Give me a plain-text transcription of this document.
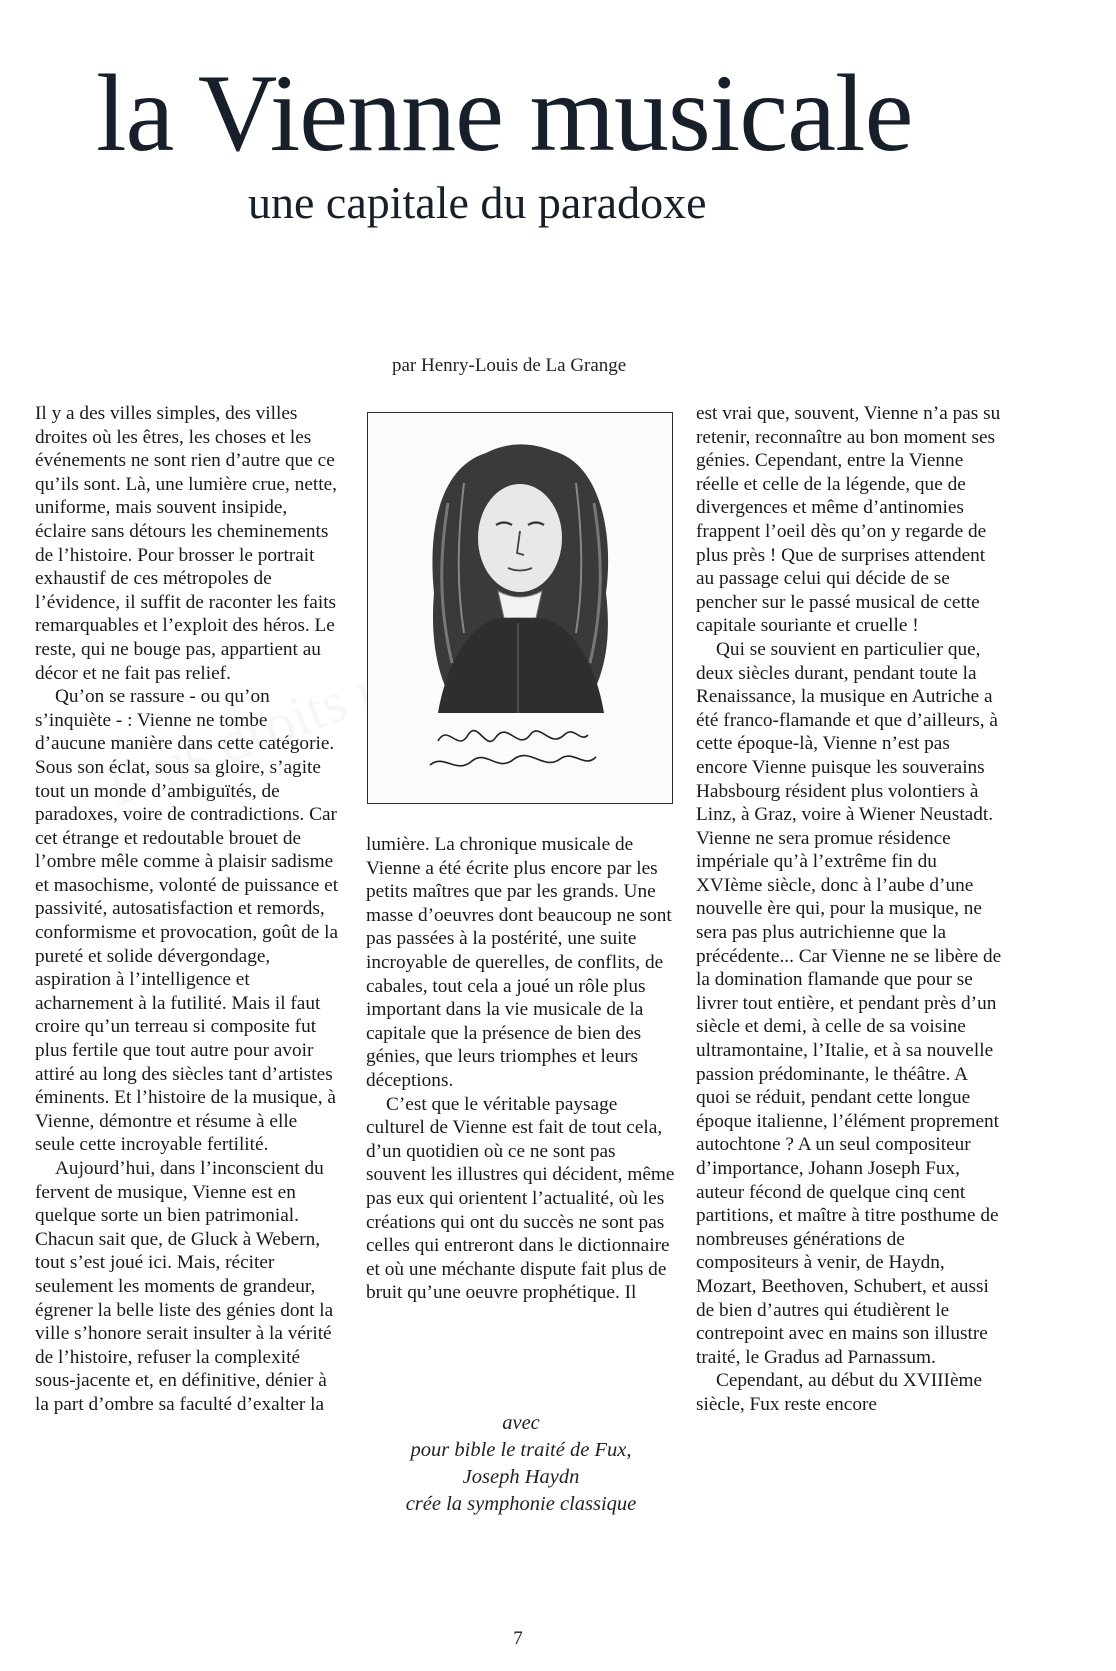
la Vienne musicale
une capitale du paradoxe
par Henry-Louis de La Grange

Il y a des villes simples, des villes droites où les êtres, les choses et les événements ne sont rien d’autre que ce qu’ils sont. Là, une lumière crue, nette, uniforme, mais souvent insipide, éclaire sans détours les cheminements de l’histoire. Pour brosser le portrait exhaustif de ces métropoles de l’évidence, il suffit de raconter les faits remarquables et l’exploit des héros. Le reste, qui ne bouge pas, appartient au décor et ne fait pas relief.

Qu’on se rassure - ou qu’on s’inquiète - : Vienne ne tombe d’aucune manière dans cette catégorie. Sous son éclat, sous sa gloire, s’agite tout un monde d’ambiguïtés, de paradoxes, voire de contradictions. Car cet étrange et redoutable brouet de l’ombre mêle comme à plaisir sadisme et masochisme, volonté de puissance et passivité, autosatisfaction et remords, conformisme et provocation, goût de la pureté et solide dévergondage, aspiration à l’intelligence et acharnement à la futilité. Mais il faut croire qu’un terreau si composite fut plus fertile que tout autre pour avoir attiré au long des siècles tant d’artistes éminents. Et l’histoire de la musique, à Vienne, démontre et résume à elle seule cette incroyable fertilité.

Aujourd’hui, dans l’inconscient du fervent de musique, Vienne est en quelque sorte un bien patrimonial. Chacun sait que, de Gluck à Webern, tout s’est joué ici. Mais, réciter seulement les moments de grandeur, égrener la belle liste des génies dont la ville s’honore serait insulter à la vérité de l’histoire, refuser la complexité sous-jacente et, en définitive, dénier à la part d’ombre sa faculté d’exalter la

lumière. La chronique musicale de Vienne a été écrite plus encore par les petits maîtres que par les grands. Une masse d’oeuvres dont beaucoup ne sont pas passées à la postérité, une suite incroyable de querelles, de conflits, de cabales, tout cela a joué un rôle plus important dans la vie musicale de la capitale que la présence de bien des génies, que leurs triomphes et leurs déceptions.

C’est que le véritable paysage culturel de Vienne est fait de tout cela, d’un quotidien où ce ne sont pas souvent les illustres qui décident, même pas eux qui orientent l’actualité, où les créations qui ont du succès ne sont pas celles qui entreront dans le dictionnaire et où une méchante dispute fait plus de bruit qu’une oeuvre prophétique. Il

avec
pour bible le traité de Fux,
Joseph Haydn
crée la symphonie classique

est vrai que, souvent, Vienne n’a pas su retenir, reconnaître au bon moment ses génies. Cependant, entre la Vienne réelle et celle de la légende, que de divergences et même d’antinomies frappent l’oeil dès qu’on y regarde de plus près ! Que de surprises attendent au passage celui qui décide de se pencher sur le passé musical de cette capitale souriante et cruelle !

Qui se souvient en particulier que, deux siècles durant, pendant toute la Renaissance, la musique en Autriche a été franco-flamande et que d’ailleurs, à cette époque-là, Vienne n’est pas encore Vienne puisque les souverains Habsbourg résident plus volontiers à Linz, à Graz, voire à Wiener Neustadt. Vienne ne sera promue résidence impériale qu’à l’extrême fin du XVIème siècle, donc à l’aube d’une nouvelle ère qui, pour la musique, ne sera pas plus autrichienne que la précédente... Car Vienne ne se libère de la domination flamande que pour se livrer tout entière, et pendant près d’un siècle et demi, à celle de sa voisine ultramontaine, l’Italie, et à sa nouvelle passion prédominante, le théâtre. A quoi se réduit, pendant cette longue époque italienne, l’élément proprement autochtone ? A un seul compositeur d’importance, Johann Joseph Fux, auteur fécond de quelque cinq cent partitions, et maître à titre posthume de nombreuses générations de compositeurs à venir, de Haydn, Mozart, Beethoven, Schubert, et aussi de bien d’autres qui étudièrent le contrepoint avec en mains son illustre traité, le Gradus ad Parnassum.

Cependant, au début du XVIIIème siècle, Fux reste encore

7
